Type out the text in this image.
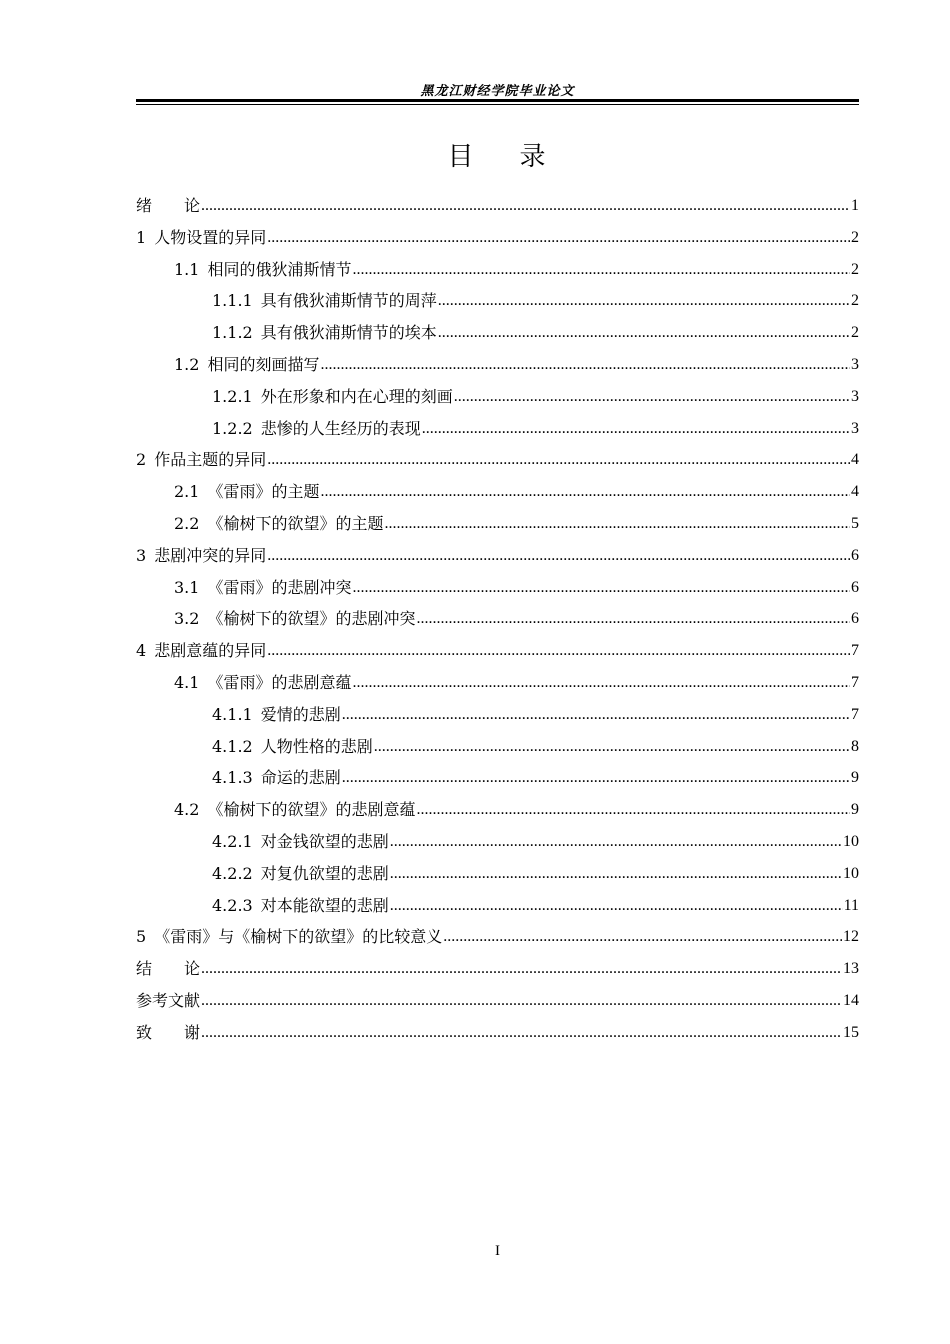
黑龙江财经学院毕业论文
目 录
绪　　论 .....	1
1 人物设置的异同 .....	2
1.1 相同的俄狄浦斯情节 .....	2
1.1.1 具有俄狄浦斯情节的周萍 .....	2
1.1.2 具有俄狄浦斯情节的埃本 .....	2
1.2 相同的刻画描写 .....	3
1.2.1 外在形象和内在心理的刻画 .....	3
1.2.2 悲惨的人生经历的表现 .....	3
2 作品主题的异同 .....	4
2.1 《雷雨》的主题 .....	4
2.2 《榆树下的欲望》的主题 .....	5
3 悲剧冲突的异同 .....	6
3.1 《雷雨》的悲剧冲突 .....	6
3.2 《榆树下的欲望》的悲剧冲突 .....	6
4 悲剧意蕴的异同 .....	7
4.1 《雷雨》的悲剧意蕴 .....	7
4.1.1 爱情的悲剧 .....	7
4.1.2 人物性格的悲剧 .....	8
4.1.3 命运的悲剧 .....	9
4.2 《榆树下的欲望》的悲剧意蕴 .....	9
4.2.1 对金钱欲望的悲剧 .....	10
4.2.2 对复仇欲望的悲剧 .....	10
4.2.3 对本能欲望的悲剧 .....	11
5 《雷雨》与《榆树下的欲望》的比较意义 .....	12
结　　论 .....	13
参考文献 .....	14
致　　谢 .....	15
I
